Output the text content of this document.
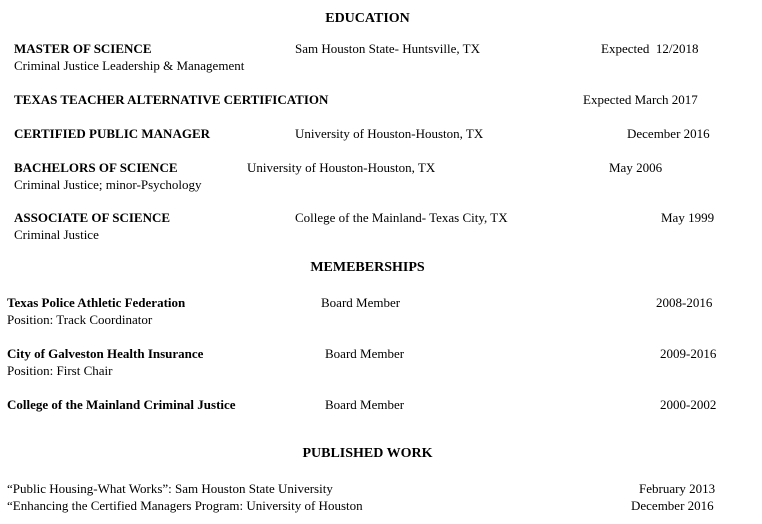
EDUCATION
MASTER OF SCIENCE	Sam Houston State- Huntsville, TX	Expected  12/2018
Criminal Justice Leadership & Management
TEXAS TEACHER ALTERNATIVE CERTIFICATION	Expected March 2017
CERTIFIED PUBLIC MANAGER	University of Houston-Houston, TX	December 2016
BACHELORS OF SCIENCE	University of Houston-Houston, TX	May 2006
Criminal Justice; minor-Psychology
ASSOCIATE OF SCIENCE	College of the Mainland- Texas City, TX	May 1999
Criminal Justice
MEMEBERSHIPS
Texas Police Athletic Federation	Board Member	2008-2016
Position: Track Coordinator
City of Galveston Health Insurance	Board Member	2009-2016
Position: First Chair
College of the Mainland Criminal Justice	Board Member	2000-2002
PUBLISHED WORK
“Public Housing-What Works”: Sam Houston State University	February 2013
“Enhancing the Certified Managers Program: University of Houston	December 2016
